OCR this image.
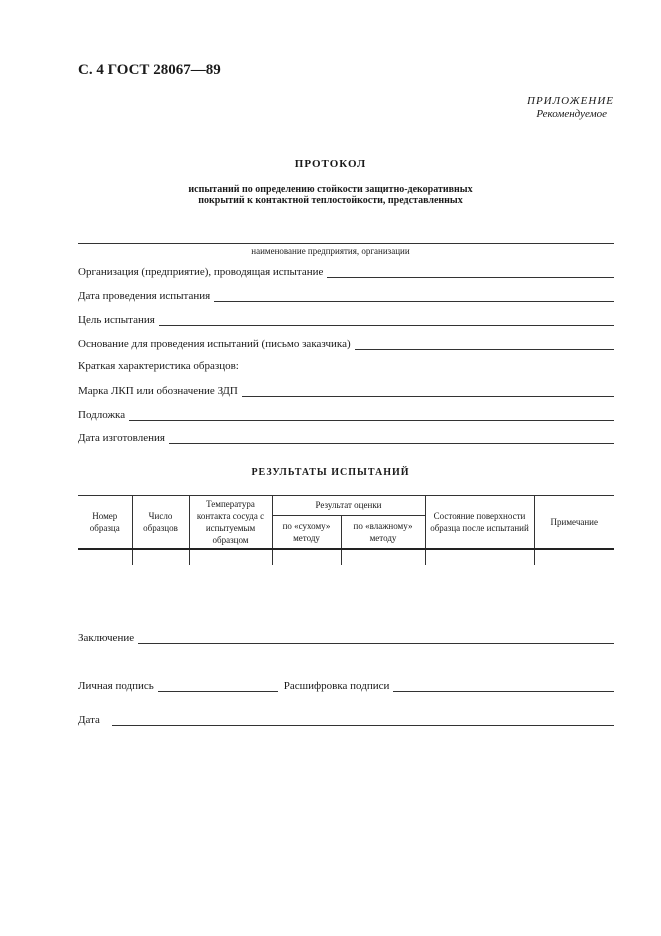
С. 4 ГОСТ 28067—89
ПРИЛОЖЕНИЕ
Рекомендуемое
ПРОТОКОЛ
испытаний по определению стойкости защитно-декоративных
покрытий к контактной теплостойкости, представленных
наименование предприятия, организации
Организация (предприятие), проводящая испытание
Дата проведения испытания
Цель испытания
Основание для проведения испытаний (письмо заказчика)
Краткая характеристика образцов:
Марка ЛКП или обозначение ЗДП
Подложка
Дата изготовления
РЕЗУЛЬТАТЫ ИСПЫТАНИЙ
Номер образца	Число образцов	Температура контакта сосуда с испытуемым образцом	Результат оценки		Состояние поверхности образца после испытаний	Примечание
			по «сухому» методу	по «влажному» методу		

Заключение
Личная подпись	Расшифровка подписи
Дата
